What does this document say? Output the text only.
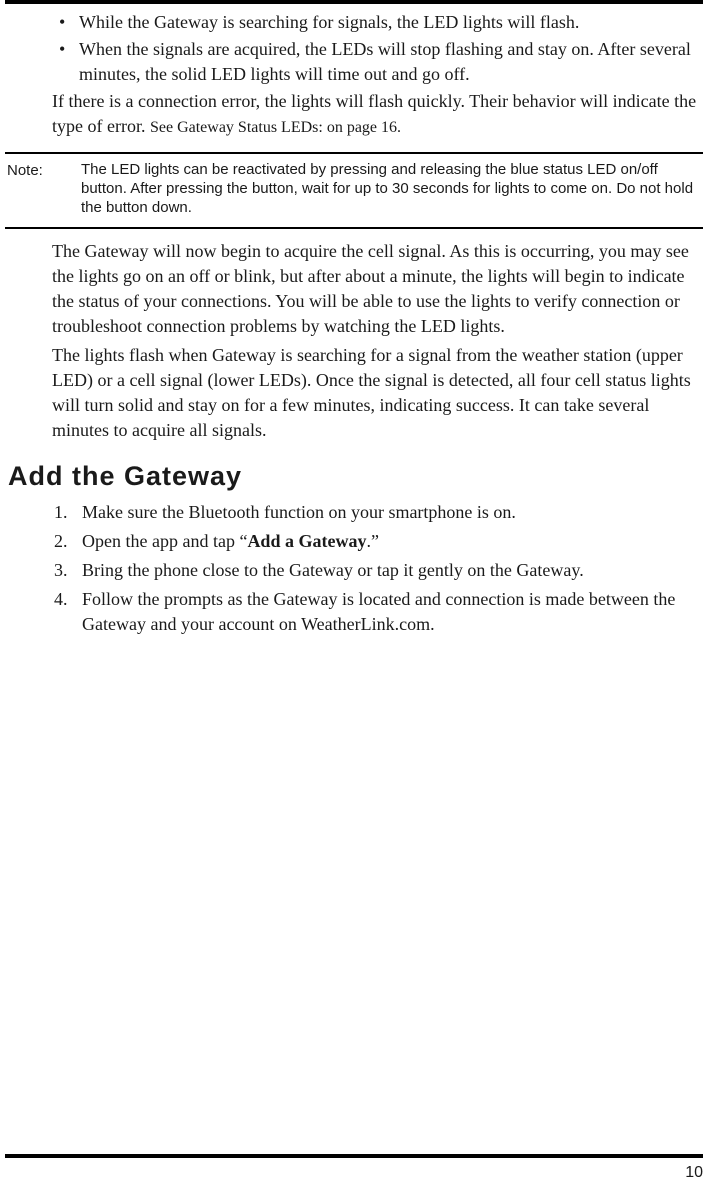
• While the Gateway is searching for signals, the LED lights will flash.
• When the signals are acquired, the LEDs will stop flashing and stay on. After several minutes, the solid LED lights will time out and go off.

If there is a connection error, the lights will flash quickly. Their behavior will indicate the type of error. See Gateway Status LEDs: on page 16.

Note:	The LED lights can be reactivated by pressing and releasing the blue status LED on/off button. After pressing the button, wait for up to 30 seconds for lights to come on. Do not hold the button down.

The Gateway will now begin to acquire the cell signal. As this is occurring, you may see the lights go on an off or blink, but after about a minute, the lights will begin to indicate the status of your connections. You will be able to use the lights to verify connection or troubleshoot connection problems by watching the LED lights.

The lights flash when Gateway is searching for a signal from the weather station (upper LED) or a cell signal (lower LEDs). Once the signal is detected, all four cell status lights will turn solid and stay on for a few minutes, indicating success. It can take several minutes to acquire all signals.

Add the Gateway
1. Make sure the Bluetooth function on your smartphone is on.
2. Open the app and tap “Add a Gateway.”
3. Bring the phone close to the Gateway or tap it gently on the Gateway.
4. Follow the prompts as the Gateway is located and connection is made between the Gateway and your account on WeatherLink.com.
10
